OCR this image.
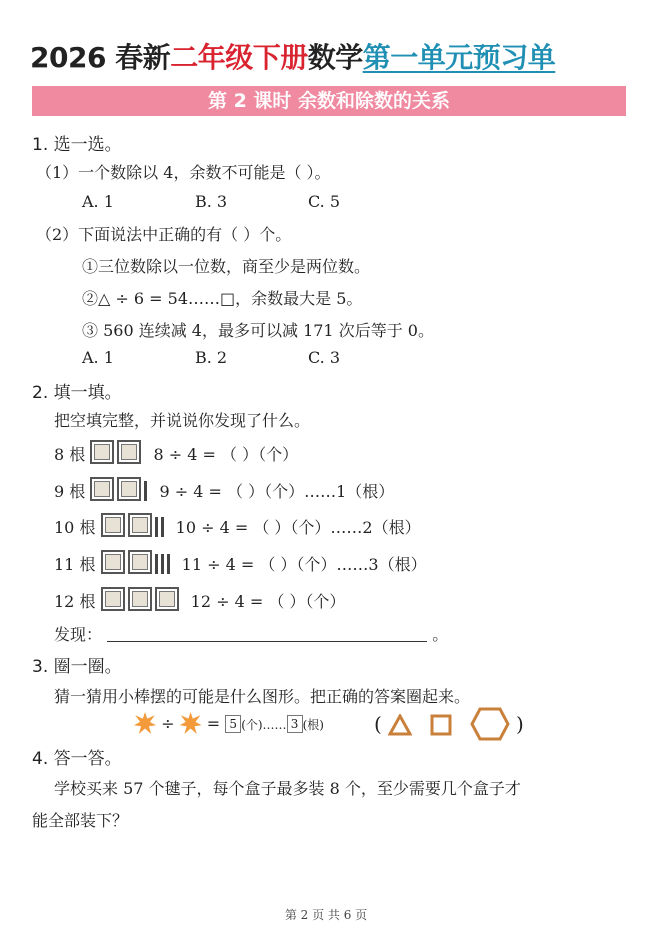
2026 春新二年级下册数学第一单元预习单
第 2 课时 余数和除数的关系
1. 选一选。
（1）一个数除以 4，余数不可能是（ ）。
A. 1	B. 3	C. 5
（2）下面说法中正确的有（ ）个。
①三位数除以一位数，商至少是两位数。
②△ ÷ 6 = 54……□，余数最大是 5。
③ 560 连续减 4，最多可以减 171 次后等于 0。
A. 1	B. 2	C. 3
2. 填一填。
把空填完整，并说说你发现了什么。
8 根	8 ÷ 4 = （ ）（个）
9 根	9 ÷ 4 = （ ）（个）……1（根）
10 根	10 ÷ 4 = （ ）（个）……2（根）
11 根	11 ÷ 4 = （ ）（个）……3（根）
12 根	12 ÷ 4 = （ ）（个）
发现：	。
3. 圈一圈。
猜一猜用小棒摆的可能是什么图形。把正确的答案圈起来。
÷ = 5 (个)…… 3 (根)	(	)
4. 答一答。
学校买来 57 个毽子，每个盒子最多装 8 个，至少需要几个盒子才
能全部装下？
第 2 页 共 6 页
